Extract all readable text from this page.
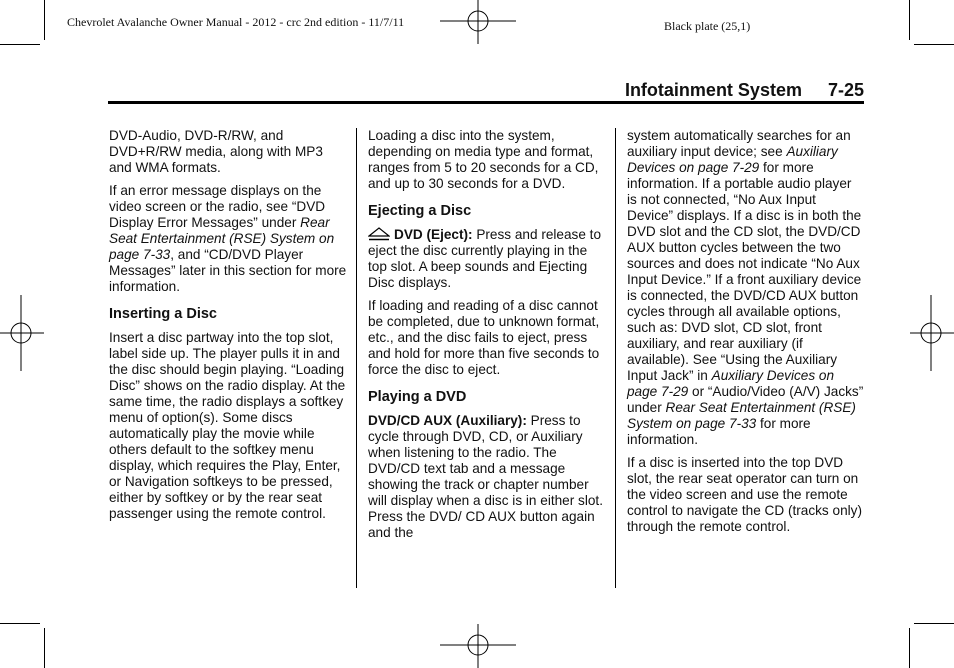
Chevrolet Avalanche Owner Manual - 2012 - crc 2nd edition - 11/7/11	Black plate (25,1)
Infotainment System 7-25

DVD-Audio, DVD-R/RW, and DVD+R/RW media, along with MP3 and WMA formats.

If an error message displays on the video screen or the radio, see “DVD Display Error Messages” under Rear Seat Entertainment (RSE) System on page 7-33, and “CD/DVD Player Messages” later in this section for more information.

Inserting a Disc

Insert a disc partway into the top slot, label side up. The player pulls it in and the disc should begin playing. “Loading Disc” shows on the radio display. At the same time, the radio displays a softkey menu of option(s). Some discs automatically play the movie while others default to the softkey menu display, which requires the Play, Enter, or Navigation softkeys to be pressed, either by softkey or by the rear seat passenger using the remote control.

Loading a disc into the system, depending on media type and format, ranges from 5 to 20 seconds for a CD, and up to 30 seconds for a DVD.

Ejecting a Disc

DVD (Eject): Press and release to eject the disc currently playing in the top slot. A beep sounds and Ejecting Disc displays.

If loading and reading of a disc cannot be completed, due to unknown format, etc., and the disc fails to eject, press and hold for more than five seconds to force the disc to eject.

Playing a DVD

DVD/CD AUX (Auxiliary): Press to cycle through DVD, CD, or Auxiliary when listening to the radio. The DVD/CD text tab and a message showing the track or chapter number will display when a disc is in either slot. Press the DVD/ CD AUX button again and the

system automatically searches for an auxiliary input device; see Auxiliary Devices on page 7-29 for more information. If a portable audio player is not connected, “No Aux Input Device” displays. If a disc is in both the DVD slot and the CD slot, the DVD/CD AUX button cycles between the two sources and does not indicate “No Aux Input Device.” If a front auxiliary device is connected, the DVD/CD AUX button cycles through all available options, such as: DVD slot, CD slot, front auxiliary, and rear auxiliary (if available). See “Using the Auxiliary Input Jack” in Auxiliary Devices on page 7-29 or “Audio/Video (A/V) Jacks” under Rear Seat Entertainment (RSE) System on page 7-33 for more information.

If a disc is inserted into the top DVD slot, the rear seat operator can turn on the video screen and use the remote control to navigate the CD (tracks only) through the remote control.
